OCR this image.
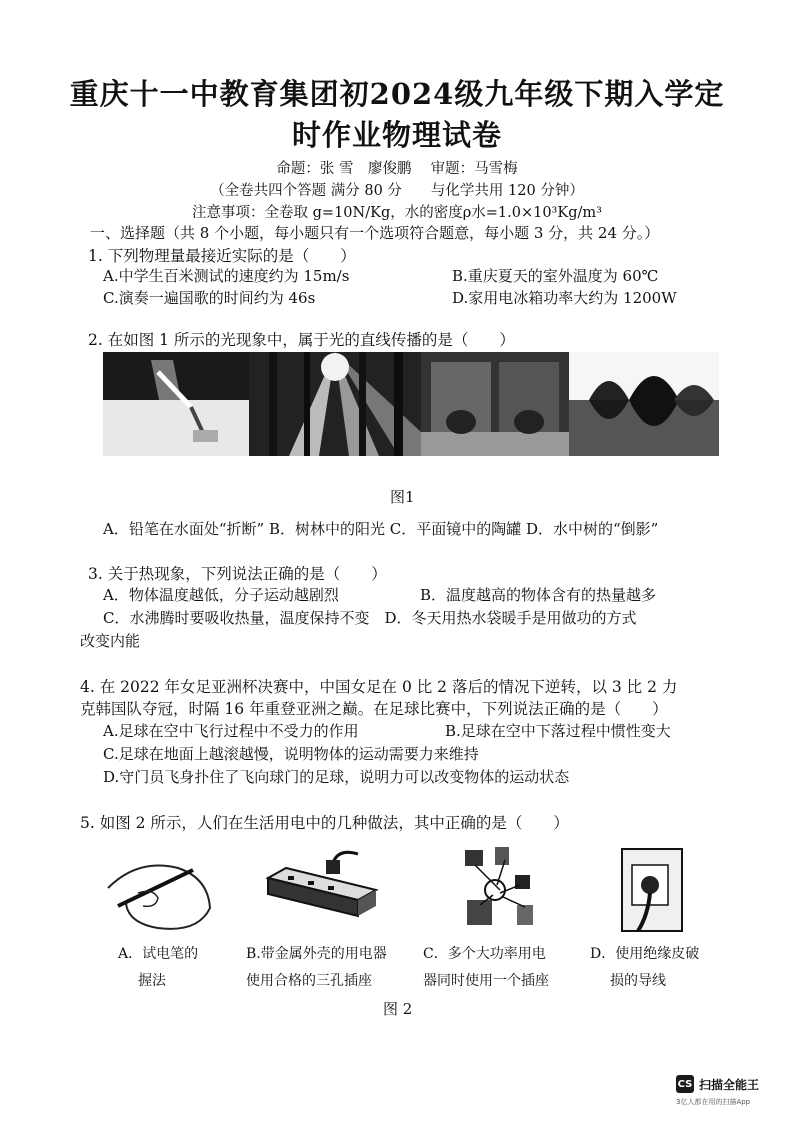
重庆十一中教育集团初2024级九年级下期入学定
时作业物理试卷
命题：张 雪　廖俊鹏　 审题：马雪梅
（全卷共四个答题 满分 80 分　　与化学共用 120 分钟）
注意事项：全卷取 g=10N/Kg，水的密度ρ水=1.0×10³Kg/m³
一、选择题（共 8 个小题，每小题只有一个选项符合题意，每小题 3 分，共 24 分。）
1. 下列物理量最接近实际的是（　　）
A.中学生百米测试的速度约为 15m/s	B.重庆夏天的室外温度为 60℃
C.演奏一遍国歌的时间约为 46s	D.家用电冰箱功率大约为 1200W
2. 在如图 1 所示的光现象中，属于光的直线传播的是（　　）
图1
A．铅笔在水面处“折断” B．树林中的阳光 C．平面镜中的陶罐 D．水中树的“倒影”
3. 关于热现象，下列说法正确的是（　　）
A．物体温度越低，分子运动越剧烈	B．温度越高的物体含有的热量越多
C．水沸腾时要吸收热量，温度保持不变　D．冬天用热水袋暖手是用做功的方式
改变内能
4. 在 2022 年女足亚洲杯决赛中，中国女足在 0 比 2 落后的情况下逆转，以 3 比 2 力
克韩国队夺冠，时隔 16 年重登亚洲之巅。在足球比赛中，下列说法正确的是（　　）
A.足球在空中飞行过程中不受力的作用	B.足球在空中下落过程中惯性变大
C.足球在地面上越滚越慢，说明物体的运动需要力来维持
D.守门员飞身扑住了飞向球门的足球，说明力可以改变物体的运动状态
5. 如图 2 所示，人们在生活用电中的几种做法，其中正确的是（　　）
A．试电笔的
握法
B.带金属外壳的用电器
使用合格的三孔插座
C．多个大功率用电
器同时使用一个插座
D．使用绝缘皮破
损的导线
图 2
CS 扫描全能王
3亿人都在用的扫描App
